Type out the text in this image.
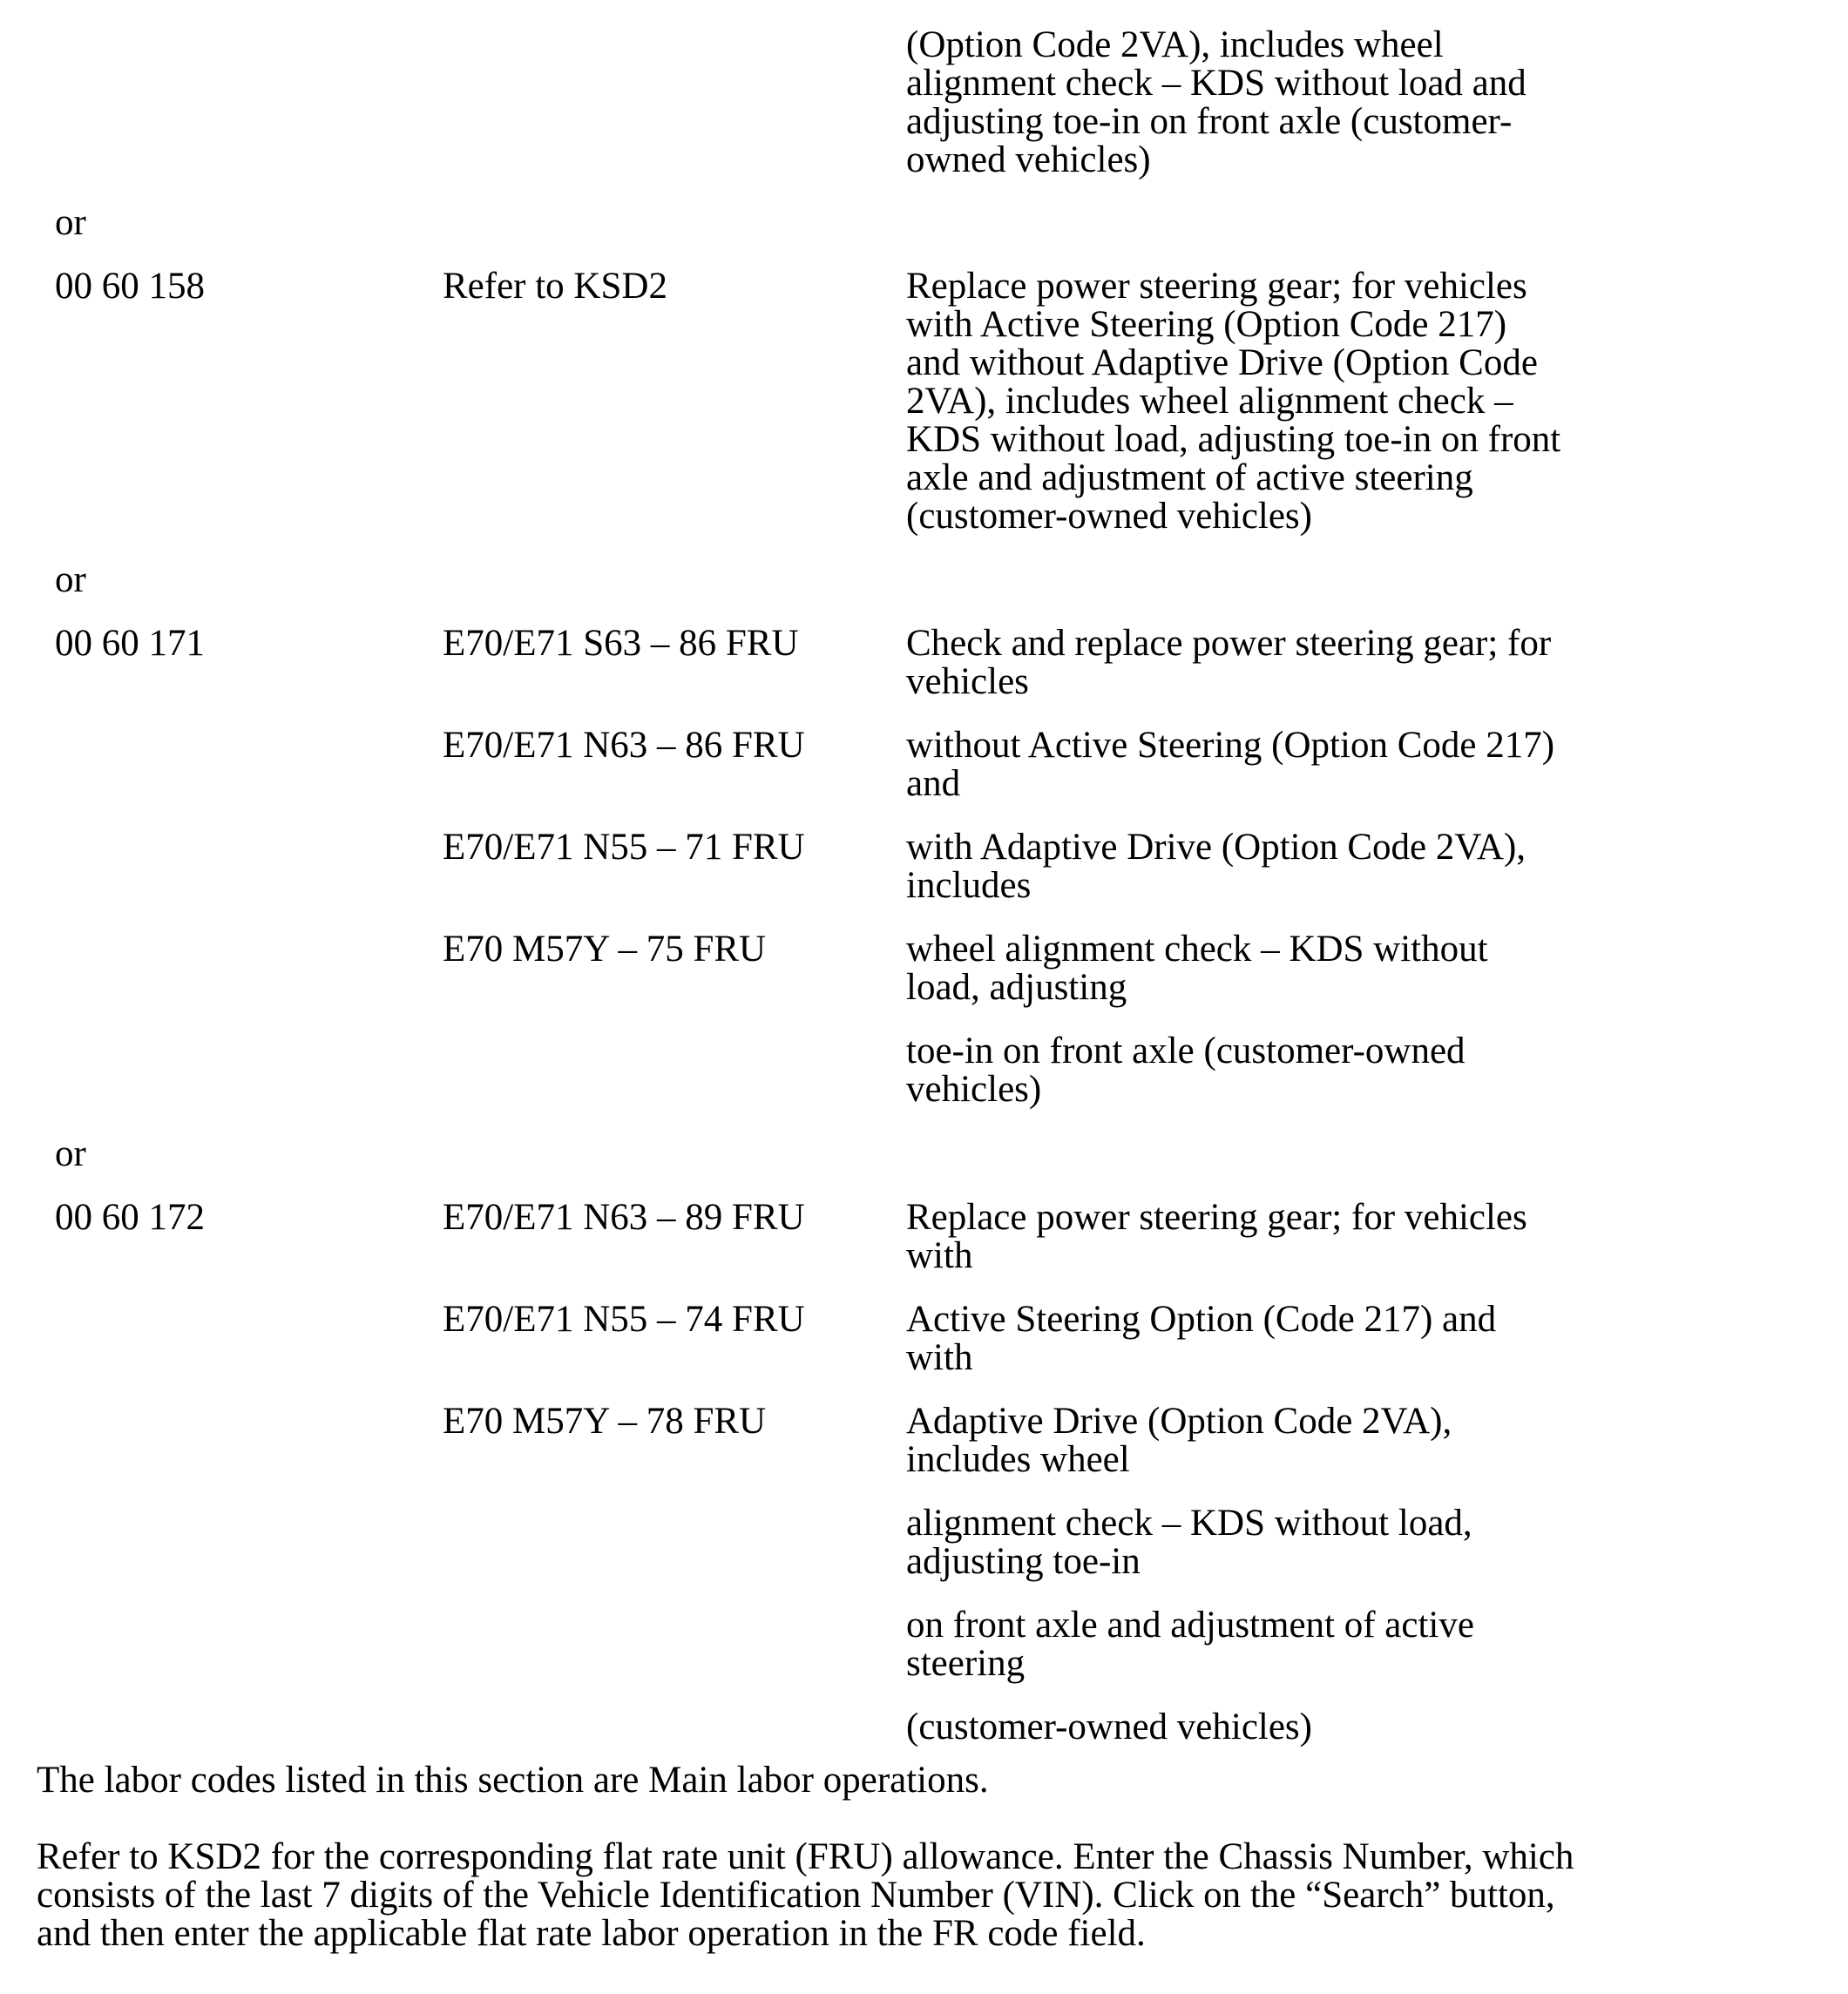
(Option Code 2VA), includes wheel
alignment check – KDS without load and
adjusting toe-in on front axle (customer-
owned vehicles)
or
00 60 158	Refer to KSD2	Replace power steering gear; for vehicles
with Active Steering (Option Code 217)
and without Adaptive Drive (Option Code
2VA), includes wheel alignment check –
KDS without load, adjusting toe-in on front
axle and adjustment of active steering
(customer-owned vehicles)
or
00 60 171	E70/E71 S63 – 86 FRU	Check and replace power steering gear; for
vehicles
E70/E71 N63 – 86 FRU	without Active Steering (Option Code 217)
and
E70/E71 N55 – 71 FRU	with Adaptive Drive (Option Code 2VA),
includes
E70 M57Y – 75 FRU	wheel alignment check – KDS without
load, adjusting
toe-in on front axle (customer-owned
vehicles)
or
00 60 172	E70/E71 N63 – 89 FRU	Replace power steering gear; for vehicles
with
E70/E71 N55 – 74 FRU	Active Steering Option (Code 217) and
with
E70 M57Y – 78 FRU	Adaptive Drive (Option Code 2VA),
includes wheel
alignment check – KDS without load,
adjusting toe-in
on front axle and adjustment of active
steering
(customer-owned vehicles)
The labor codes listed in this section are Main labor operations.
Refer to KSD2 for the corresponding flat rate unit (FRU) allowance. Enter the Chassis Number, which
consists of the last 7 digits of the Vehicle Identification Number (VIN). Click on the “Search” button,
and then enter the applicable flat rate labor operation in the FR code field.
